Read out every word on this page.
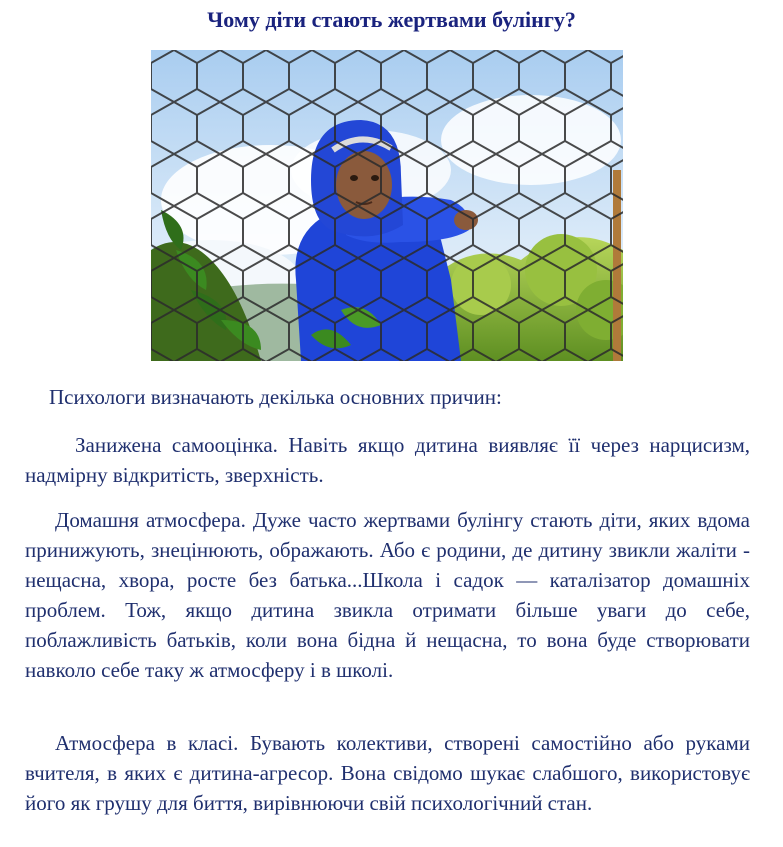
Чому діти стають жертвами булінгу?

Психологи визначають декілька основних причин:

Занижена самооцінка. Навіть якщо дитина виявляє її через нарцисизм, надмірну відкритість, зверхність.

Домашня атмосфера. Дуже часто жертвами булінгу стають діти, яких вдома принижують, знецінюють, ображають. Або є родини, де дитину звикли жаліти - нещасна, хвора, росте без батька...Школа і садок — каталізатор домашніх проблем. Тож, якщо дитина звикла отримати більше уваги до себе, поблажливість батьків, коли вона бідна й нещасна, то вона буде створювати навколо себе таку ж атмосферу і в школі.

Атмосфера в класі. Бувають колективи, створені самостійно або руками вчителя, в яких є дитина-агресор. Вона свідомо шукає слабшого, використовує його як грушу для биття, вирівнюючи свій психологічний стан.
